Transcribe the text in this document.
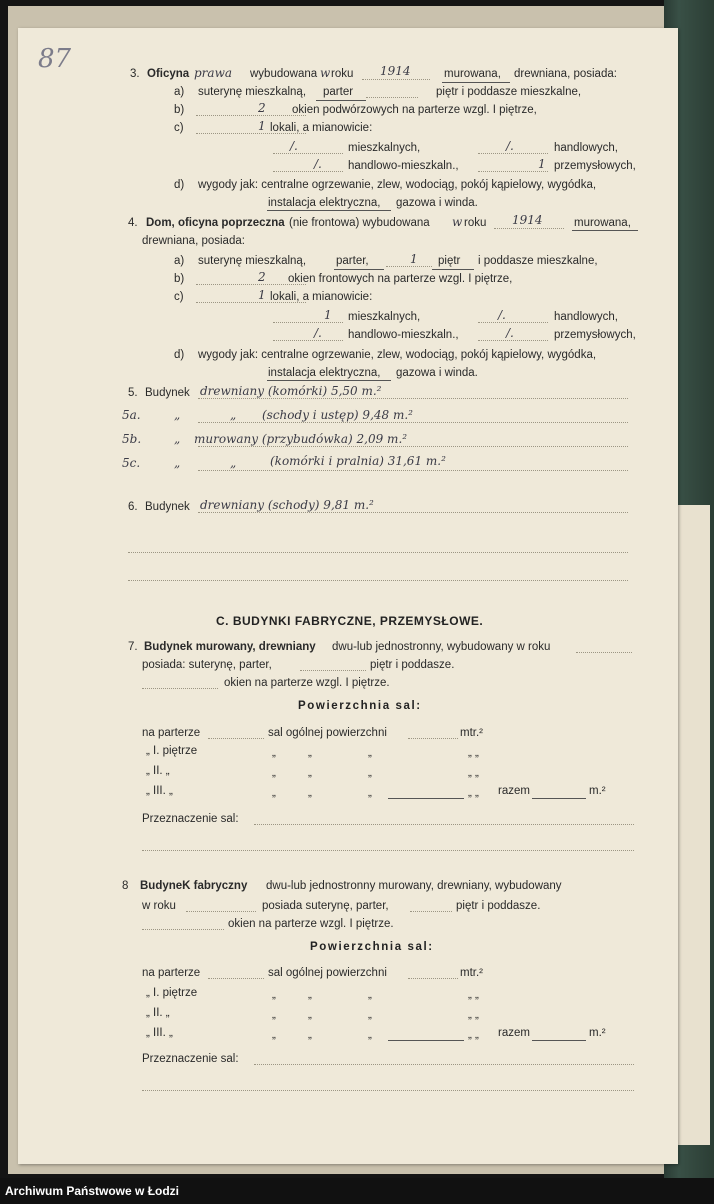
87	3. Oficyna prawa wybudowana w roku 1914	murowana, drewniana, posiada:
a) suterynę mieszkalną, parter	piętr i poddasze mieszkalne,
b)	2 okien podwórzowych na parterze wzgl. I piętrze,
c)	1 lokali, a mianowicie:
/.	mieszkalnych,	/.	handlowych,
/. handlowo-mieszkaln.,	1 przemysłowych,
d) wygody jak: centralne ogrzewanie, zlew, wodociąg, pokój kąpielowy, wygódka,
instalacja elektryczna, gazowa i winda.
4. Dom, oficyna poprzeczna (nie frontowa) wybudowana w roku 1914	murowana,
drewniana, posiada:
a) suterynę mieszkalną,	parter,	1 piętr i poddasze mieszkalne,
b)	2 okien frontowych na parterze wzgl. I piętrze,
c)	1 lokali, a mianowicie:
1 mieszkalnych,	/.	handlowych,
/. handlowo-mieszkaln.,	/.	przemysłowych,
d) wygody jak: centralne ogrzewanie, zlew, wodociąg, pokój kąpielowy, wygódka,
instalacja elektryczna, gazowa i winda.
5. Budynek drewniany (komórki) 5,50 m.²
5a.	„	„ (schody i ustęp) 9,48 m.²
5b.	„ murowany (przybudówka) 2,09 m.²
5c.	„	„	(komórki i pralnia) 31,61 m.²
6. Budynek drewniany (schody) 9,81 m.²
C. BUDYNKI FABRYCZNE, PRZEMYSŁOWE.
7. Budynek murowany, drewniany dwu-lub jednostronny, wybudowany w roku
posiada: suterynę, parter,	piętr i poddasze.
okien na parterze wzgl. I piętrze.
Powierzchnia sal:
na parterze	sal ogólnej powierzchni	mtr.²
„ I. piętrze	„	„	„	„ „
„ II. „	„	„	„	„ „
„ III. „	„	„	„	„ „ razem	m.²
Przeznaczenie sal:
8 BudyneK fabryczny dwu-lub jednostronny murowany, drewniany, wybudowany
w roku	posiada suterynę, parter,	piętr i poddasze.
okien na parterze wzgl. I piętrze.
Powierzchnia sal:
na parterze	sal ogólnej powierzchni	mtr.²
„ I. piętrze	„	„	„	„ „
„ II. „	„	„	„	„ „
„ III. „	„	„	„	„ „ razem	m.²
Przeznaczenie sal:
Archiwum Państwowe w Łodzi
